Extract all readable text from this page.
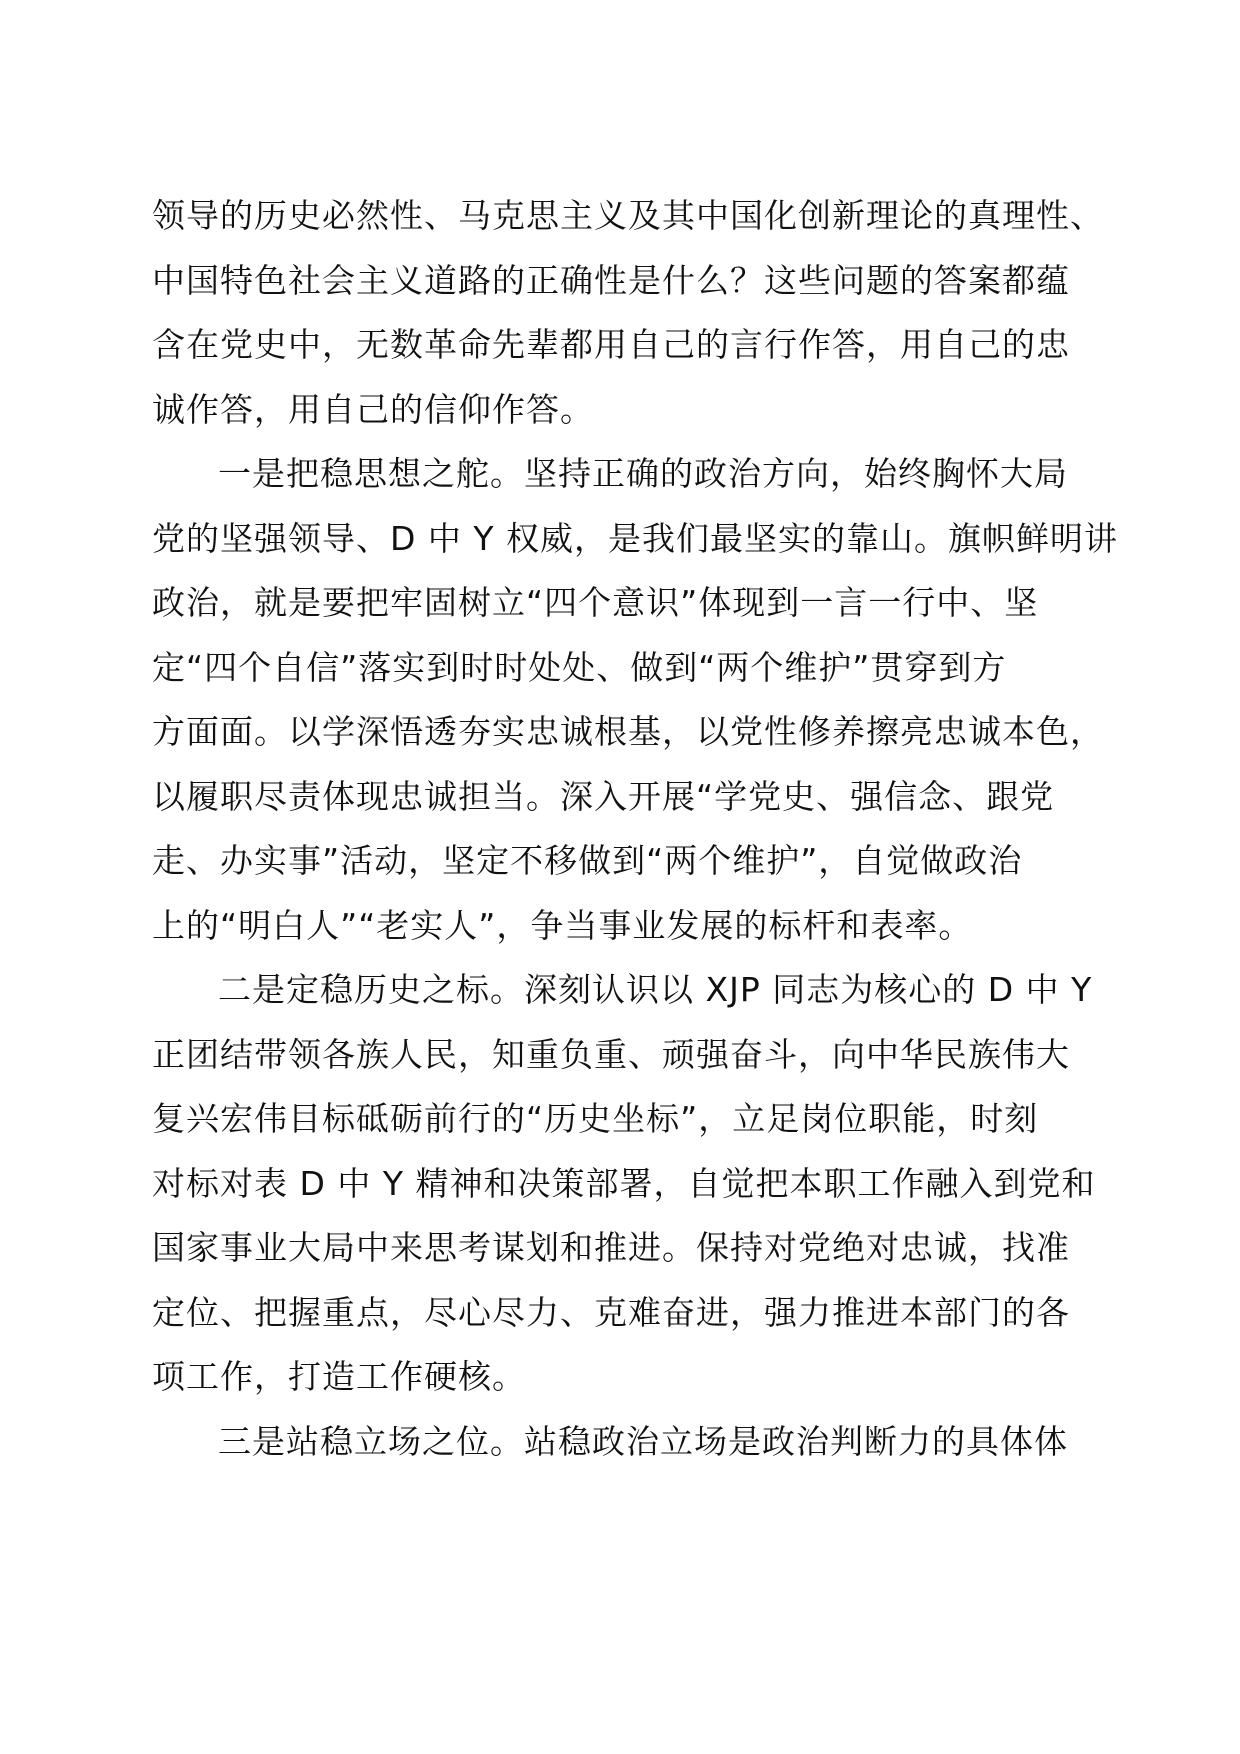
领导的历史必然性、马克思主义及其中国化创新理论的真理性、
中国特色社会主义道路的正确性是什么？这些问题的答案都蕴
含在党史中，无数革命先辈都用自己的言行作答，用自己的忠
诚作答，用自己的信仰作答。
一是把稳思想之舵。坚持正确的政治方向，始终胸怀大局
党的坚强领导、D 中 Y 权威，是我们最坚实的靠山。旗帜鲜明讲
政治，就是要把牢固树立“四个意识”体现到一言一行中、坚
定“四个自信”落实到时时处处、做到“两个维护”贯穿到方
方面面。以学深悟透夯实忠诚根基，以党性修养擦亮忠诚本色，
以履职尽责体现忠诚担当。深入开展“学党史、强信念、跟党
走、办实事”活动，坚定不移做到“两个维护”，自觉做政治
上的“明白人”“老实人”，争当事业发展的标杆和表率。
二是定稳历史之标。深刻认识以 XJP 同志为核心的 D 中 Y
正团结带领各族人民，知重负重、顽强奋斗，向中华民族伟大
复兴宏伟目标砥砺前行的“历史坐标”，立足岗位职能，时刻
对标对表 D 中 Y 精神和决策部署，自觉把本职工作融入到党和
国家事业大局中来思考谋划和推进。保持对党绝对忠诚，找准
定位、把握重点，尽心尽力、克难奋进，强力推进本部门的各
项工作，打造工作硬核。
三是站稳立场之位。站稳政治立场是政治判断力的具体体
